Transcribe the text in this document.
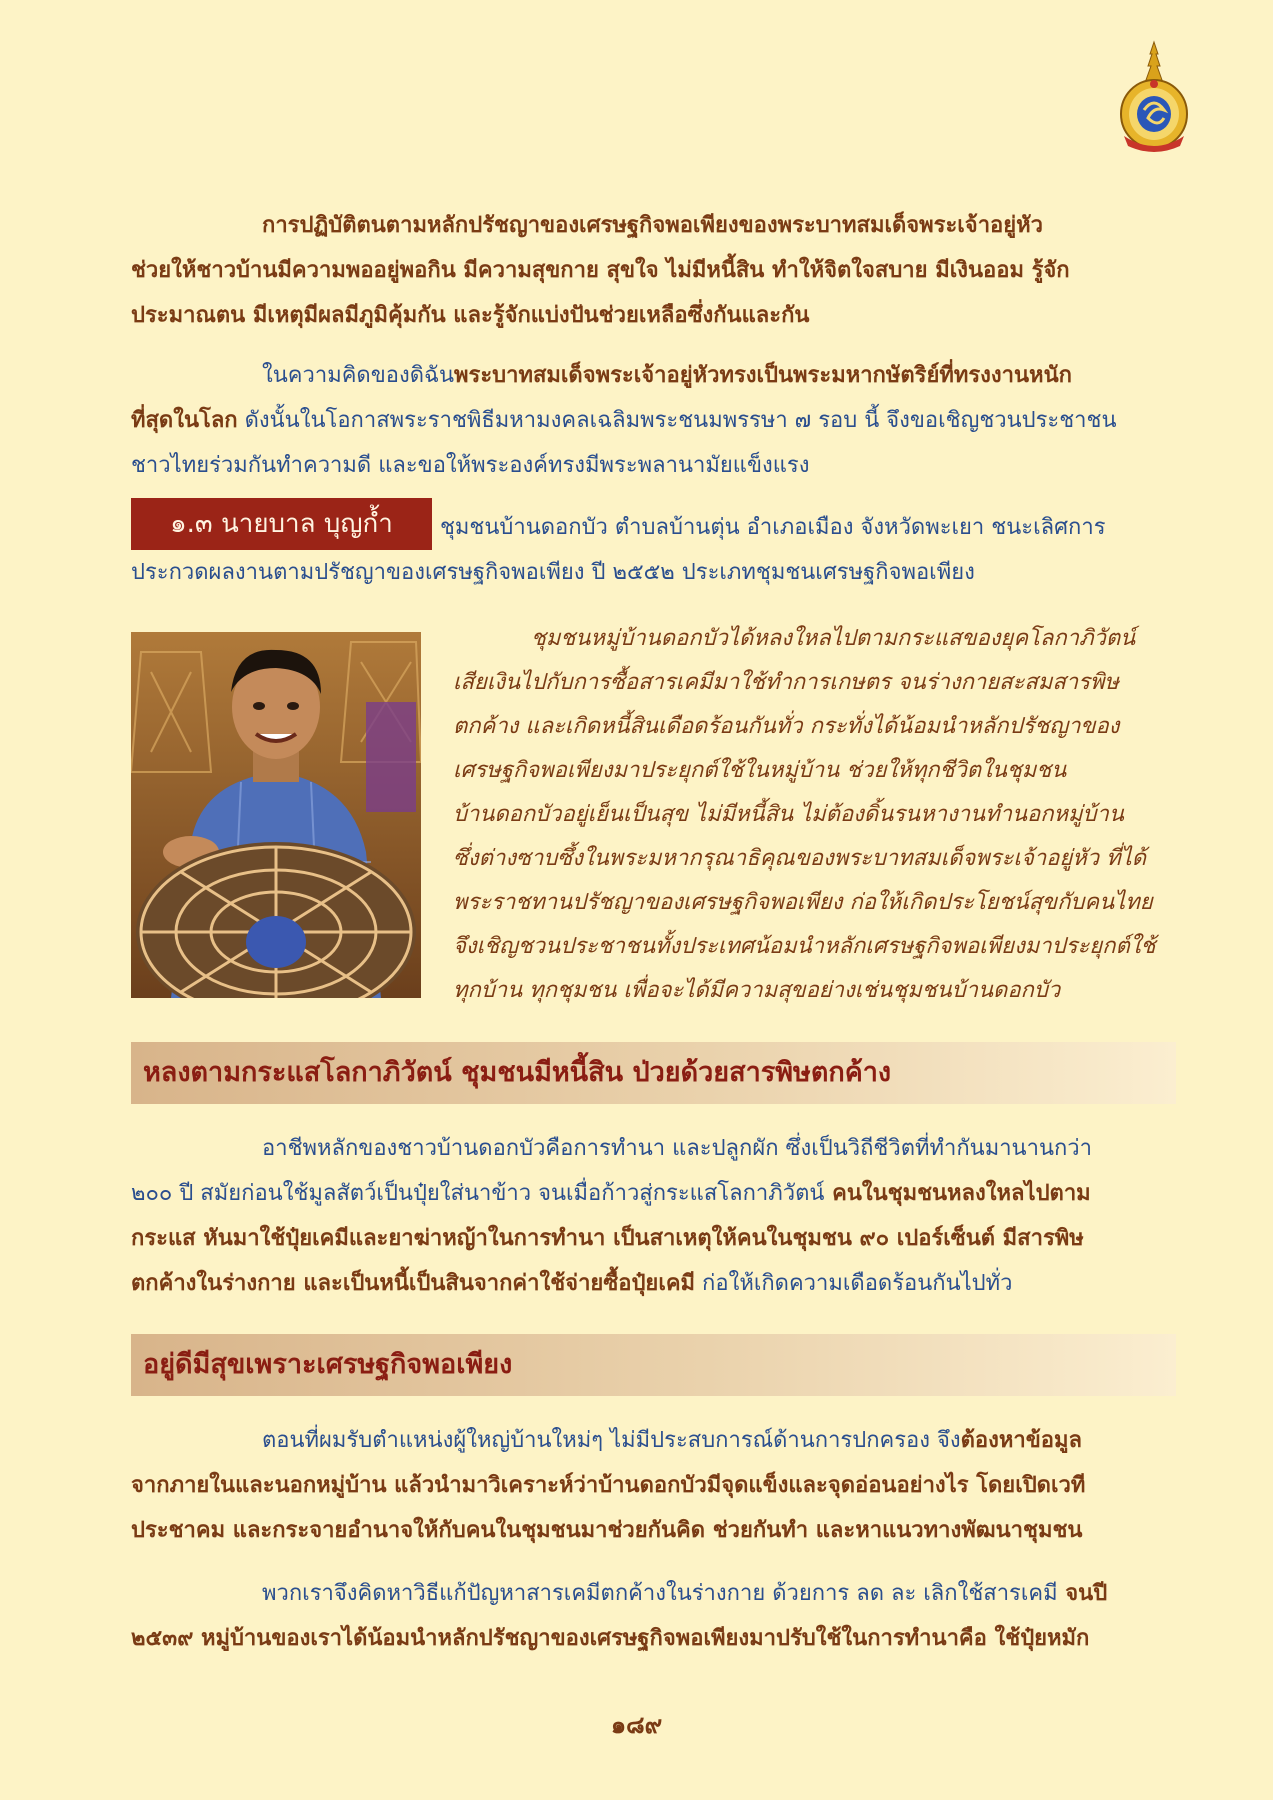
การปฏิบัติตนตามหลักปรัชญาของเศรษฐกิจพอเพียงของพระบาทสมเด็จพระเจ้าอยู่หัว
ช่วยให้ชาวบ้านมีความพออยู่พอกิน มีความสุขกาย สุขใจ ไม่มีหนี้สิน ทำให้จิตใจสบาย มีเงินออม รู้จัก
ประมาณตน มีเหตุมีผลมีภูมิคุ้มกัน และรู้จักแบ่งปันช่วยเหลือซึ่งกันและกัน

ในความคิดของดิฉันพระบาทสมเด็จพระเจ้าอยู่หัวทรงเป็นพระมหากษัตริย์ที่ทรงงานหนัก
ที่สุดในโลก ดังนั้นในโอกาสพระราชพิธีมหามงคลเฉลิมพระชนมพรรษา ๗ รอบ นี้ จึงขอเชิญชวนประชาชน
ชาวไทยร่วมกันทำความดี และขอให้พระองค์ทรงมีพระพลานามัยแข็งแรง

๑.๓ นายบาล บุญก้ำ	ชุมชนบ้านดอกบัว ตำบลบ้านตุ่น อำเภอเมือง จังหวัดพะเยา ชนะเลิศการ
ประกวดผลงานตามปรัชญาของเศรษฐกิจพอเพียง ปี ๒๕๕๒ ประเภทชุมชนเศรษฐกิจพอเพียง

ชุมชนหมู่บ้านดอกบัวได้หลงใหลไปตามกระแสของยุคโลกาภิวัตน์
เสียเงินไปกับการซื้อสารเคมีมาใช้ทำการเกษตร จนร่างกายสะสมสารพิษ
ตกค้าง และเกิดหนี้สินเดือดร้อนกันทั่ว กระทั่งได้น้อมนำหลักปรัชญาของ
เศรษฐกิจพอเพียงมาประยุกต์ใช้ในหมู่บ้าน ช่วยให้ทุกชีวิตในชุมชน
บ้านดอกบัวอยู่เย็นเป็นสุข ไม่มีหนี้สิน ไม่ต้องดิ้นรนหางานทำนอกหมู่บ้าน
ซึ่งต่างซาบซึ้งในพระมหากรุณาธิคุณของพระบาทสมเด็จพระเจ้าอยู่หัว ที่ได้
พระราชทานปรัชญาของเศรษฐกิจพอเพียง ก่อให้เกิดประโยชน์สุขกับคนไทย
จึงเชิญชวนประชาชนทั้งประเทศน้อมนำหลักเศรษฐกิจพอเพียงมาประยุกต์ใช้
ทุกบ้าน ทุกชุมชน เพื่อจะได้มีความสุขอย่างเช่นชุมชนบ้านดอกบัว

หลงตามกระแสโลกาภิวัตน์ ชุมชนมีหนี้สิน ป่วยด้วยสารพิษตกค้าง

อาชีพหลักของชาวบ้านดอกบัวคือการทำนา และปลูกผัก ซึ่งเป็นวิถีชีวิตที่ทำกันมานานกว่า
๒๐๐ ปี สมัยก่อนใช้มูลสัตว์เป็นปุ๋ยใส่นาข้าว จนเมื่อก้าวสู่กระแสโลกาภิวัตน์ คนในชุมชนหลงใหลไปตาม
กระแส หันมาใช้ปุ๋ยเคมีและยาฆ่าหญ้าในการทำนา เป็นสาเหตุให้คนในชุมชน ๙๐ เปอร์เซ็นต์ มีสารพิษ
ตกค้างในร่างกาย และเป็นหนี้เป็นสินจากค่าใช้จ่ายซื้อปุ๋ยเคมี ก่อให้เกิดความเดือดร้อนกันไปทั่ว

อยู่ดีมีสุขเพราะเศรษฐกิจพอเพียง

ตอนที่ผมรับตำแหน่งผู้ใหญ่บ้านใหม่ๆ ไม่มีประสบการณ์ด้านการปกครอง จึงต้องหาข้อมูล
จากภายในและนอกหมู่บ้าน แล้วนำมาวิเคราะห์ว่าบ้านดอกบัวมีจุดแข็งและจุดอ่อนอย่างไร โดยเปิดเวที
ประชาคม และกระจายอำนาจให้กับคนในชุมชนมาช่วยกันคิด ช่วยกันทำ และหาแนวทางพัฒนาชุมชน

พวกเราจึงคิดหาวิธีแก้ปัญหาสารเคมีตกค้างในร่างกาย ด้วยการ ลด ละ เลิกใช้สารเคมี จนปี
๒๕๓๙ หมู่บ้านของเราได้น้อมนำหลักปรัชญาของเศรษฐกิจพอเพียงมาปรับใช้ในการทำนาคือ ใช้ปุ๋ยหมัก

๑๘๙
